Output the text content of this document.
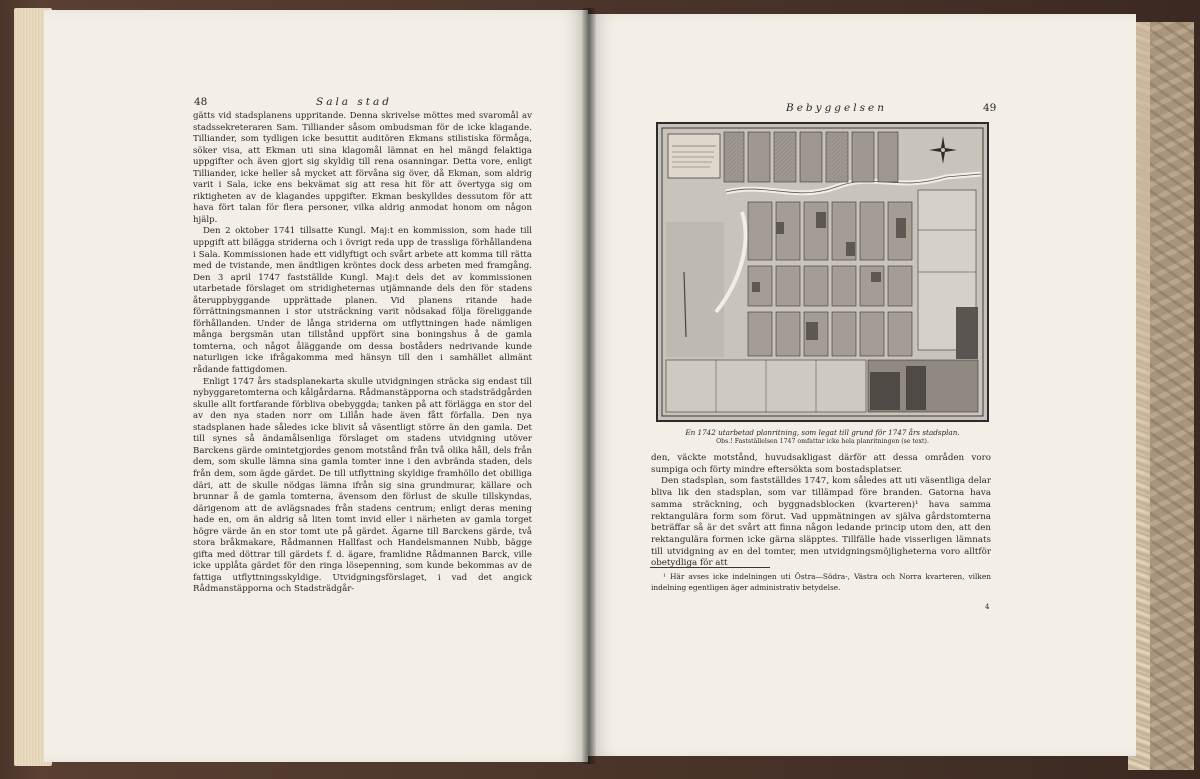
48	Sala stad

gätts vid stadsplanens uppritande. Denna skrivelse möttes med svaromål av stadssekreteraren Sam. Tilliander såsom ombudsman för de icke klagande. Tilliander, som tydligen icke besuttit auditören Ekmans stilistiska förmåga, söker visa, att Ekman uti sina klagomål lämnat en hel mängd felaktiga uppgifter och även gjort sig skyldig till rena osanningar. Detta vore, enligt Tilliander, icke heller så mycket att förvåna sig över, då Ekman, som aldrig varit i Sala, icke ens bekvämat sig att resa hit för att övertyga sig om riktigheten av de klagandes uppgifter. Ekman beskylldes dessutom för att hava fört talan för flera personer, vilka aldrig anmodat honom om någon hjälp.

Den 2 oktober 1741 tillsatte Kungl. Maj:t en kommission, som hade till uppgift att bilägga striderna och i övrigt reda upp de trassliga förhållandena i Sala. Kommissionen hade ett vidlyftigt och svårt arbete att komma till rätta med de tvistande, men ändtligen kröntes dock dess arbeten med framgång. Den 3 april 1747 fastställde Kungl. Maj:t dels det av kommissionen utarbetade förslaget om stridigheternas utjämnande dels den för stadens återuppbyggande upprättade planen. Vid planens ritande hade förrättningsmannen i stor utsträckning varit nödsakad följa föreliggande förhållanden. Under de långa striderna om utflyttningen hade nämligen många bergsmän utan tillstånd uppfört sina boningshus å de gamla tomterna, och något åläggande om dessa boståders nedrivande kunde naturligen icke ifrågakomma med hänsyn till den i samhället allmänt rådande fattigdomen.

Enligt 1747 års stadsplanekarta skulle utvidgningen sträcka sig endast till nybyggaretomterna och kålgårdarna. Rådmanstäpporna och stadsträdgården skulle allt fortfarande förbliva obebyggda; tanken på att förlägga en stor del av den nya staden norr om Lillån hade även fått förfalla. Den nya stadsplanen hade således icke blivit så väsentligt större än den gamla. Det till synes så ändamålsenliga förslaget om stadens utvidgning utöver Barckens gärde omintetgjordes genom motstånd från två olika håll, dels från dem, som skulle lämna sina gamla tomter inne i den avbrända staden, dels från dem, som ägde gärdet. De till utflyttning skyldige framhöllo det obilliga däri, att de skulle nödgas lämna ifrån sig sina grundmurar, källare och brunnar å de gamla tomterna, ävensom den förlust de skulle tillskyndas, därigenom att de avlägsnades från stadens centrum; enligt deras mening hade en, om än aldrig så liten tomt invid eller i närheten av gamla torget högre värde än en stor tomt ute på gärdet. Ägarne till Barckens gärde, två stora bråkmakare, Rådmannen Hallfast och Handelsmannen Nubb, bägge gifta med döttrar till gärdets f. d. ägare, framlidne Rådmannen Barck, ville icke upplåta gärdet för den ringa lösepenning, som kunde bekommas av de fattiga utflyttningsskyldige. Utvidgningsförslaget, i vad det angick Rådmanstäpporna och Stadsträdgår-

Bebyggelsen	49
En 1742 utarbetad planritning, som legat till grund för 1747 års stadsplan.
Obs.! Fastställelsen 1747 omfattar icke hela planritningen (se text).

den, väckte motstånd, huvudsakligast därför att dessa områden voro sumpiga och förty mindre eftersökta som bostadsplatser.

Den stadsplan, som fastställdes 1747, kom således att uti väsentliga delar bliva lik den stadsplan, som var tillämpad före branden. Gatorna hava samma sträckning, och byggnadsblocken (kvarteren)¹ hava samma rektangulära form som förut. Vad uppmätningen av själva gårdstomterna beträffar så är det svårt att finna någon ledande princip utom den, att den rektangulära formen icke gärna släpptes. Tillfälle hade visserligen lämnats till utvidgning av en del tomter, men utvidgningsmöjligheterna voro alltför obetydliga för att

¹ Här avses icke indelningen uti Östra—Södra-, Västra och Norra kvarteren, vilken indelning egentligen äger administrativ betydelse.
4
